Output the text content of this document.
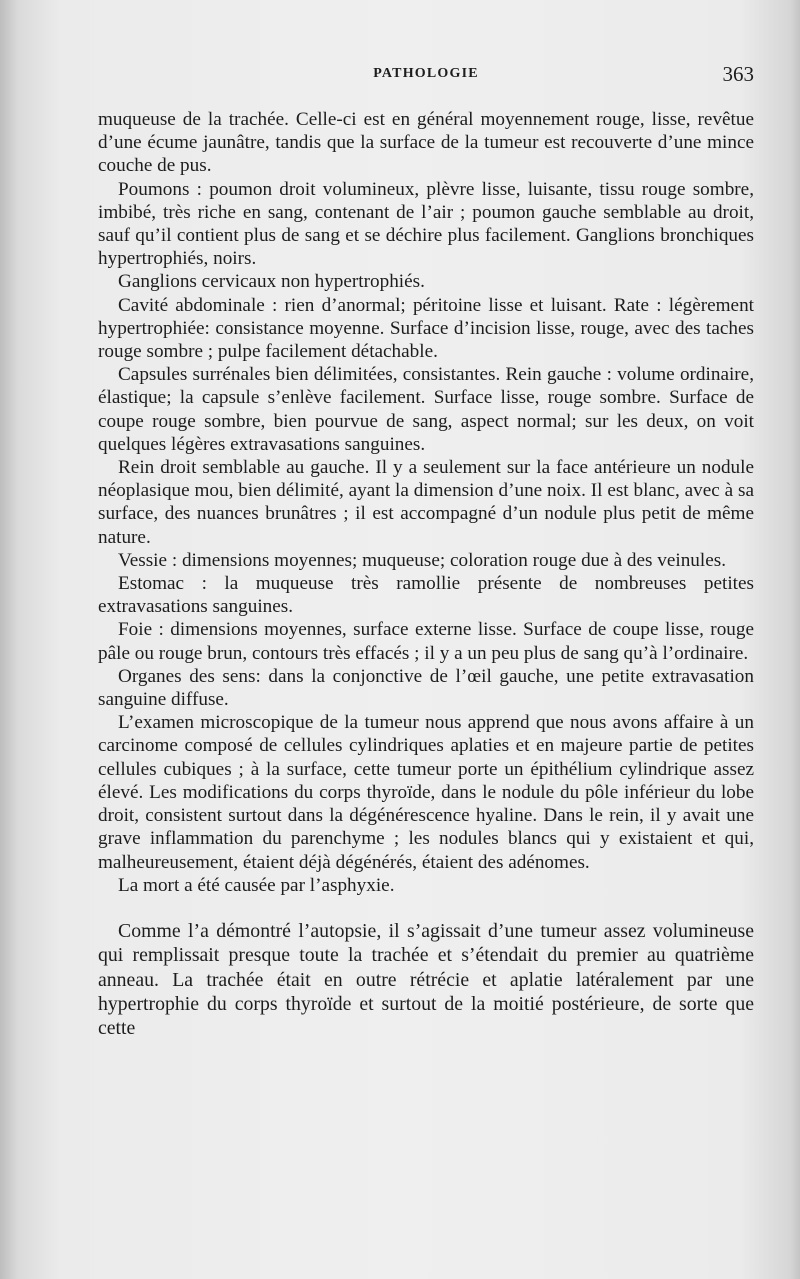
PATHOLOGIE	363

muqueuse de la trachée. Celle-ci est en général moyennement rouge, lisse, revêtue d’une écume jaunâtre, tandis que la surface de la tumeur est recouverte d’une mince couche de pus.

Poumons : poumon droit volumineux, plèvre lisse, luisante, tissu rouge sombre, imbibé, très riche en sang, contenant de l’air ; poumon gauche semblable au droit, sauf qu’il contient plus de sang et se déchire plus facilement. Ganglions bronchiques hypertrophiés, noirs.

Ganglions cervicaux non hypertrophiés.

Cavité abdominale : rien d’anormal; péritoine lisse et luisant. Rate : légèrement hypertrophiée: consistance moyenne. Surface d’incision lisse, rouge, avec des taches rouge sombre ; pulpe facilement détachable.

Capsules surrénales bien délimitées, consistantes. Rein gauche : volume ordinaire, élastique; la capsule s’enlève facilement. Surface lisse, rouge sombre. Surface de coupe rouge sombre, bien pourvue de sang, aspect normal; sur les deux, on voit quelques légères extravasations sanguines.

Rein droit semblable au gauche. Il y a seulement sur la face antérieure un nodule néoplasique mou, bien délimité, ayant la dimension d’une noix. Il est blanc, avec à sa surface, des nuances brunâtres ; il est accompagné d’un nodule plus petit de même nature.

Vessie : dimensions moyennes; muqueuse; coloration rouge due à des veinules.

Estomac : la muqueuse très ramollie présente de nombreuses petites extravasations sanguines.

Foie : dimensions moyennes, surface externe lisse. Surface de coupe lisse, rouge pâle ou rouge brun, contours très effacés ; il y a un peu plus de sang qu’à l’ordinaire.

Organes des sens: dans la conjonctive de l’œil gauche, une petite extravasation sanguine diffuse.

L’examen microscopique de la tumeur nous apprend que nous avons affaire à un carcinome composé de cellules cylindriques aplaties et en majeure partie de petites cellules cubiques ; à la surface, cette tumeur porte un épithélium cylindrique assez élevé. Les modifications du corps thyroïde, dans le nodule du pôle inférieur du lobe droit, consistent surtout dans la dégénérescence hyaline. Dans le rein, il y avait une grave inflammation du parenchyme ; les nodules blancs qui y existaient et qui, malheureusement, étaient déjà dégénérés, étaient des adénomes.

La mort a été causée par l’asphyxie.

Comme l’a démontré l’autopsie, il s’agissait d’une tumeur assez volumineuse qui remplissait presque toute la trachée et s’étendait du premier au quatrième anneau. La trachée était en outre rétrécie et aplatie latéralement par une hypertrophie du corps thyroïde et surtout de la moitié postérieure, de sorte que cette
